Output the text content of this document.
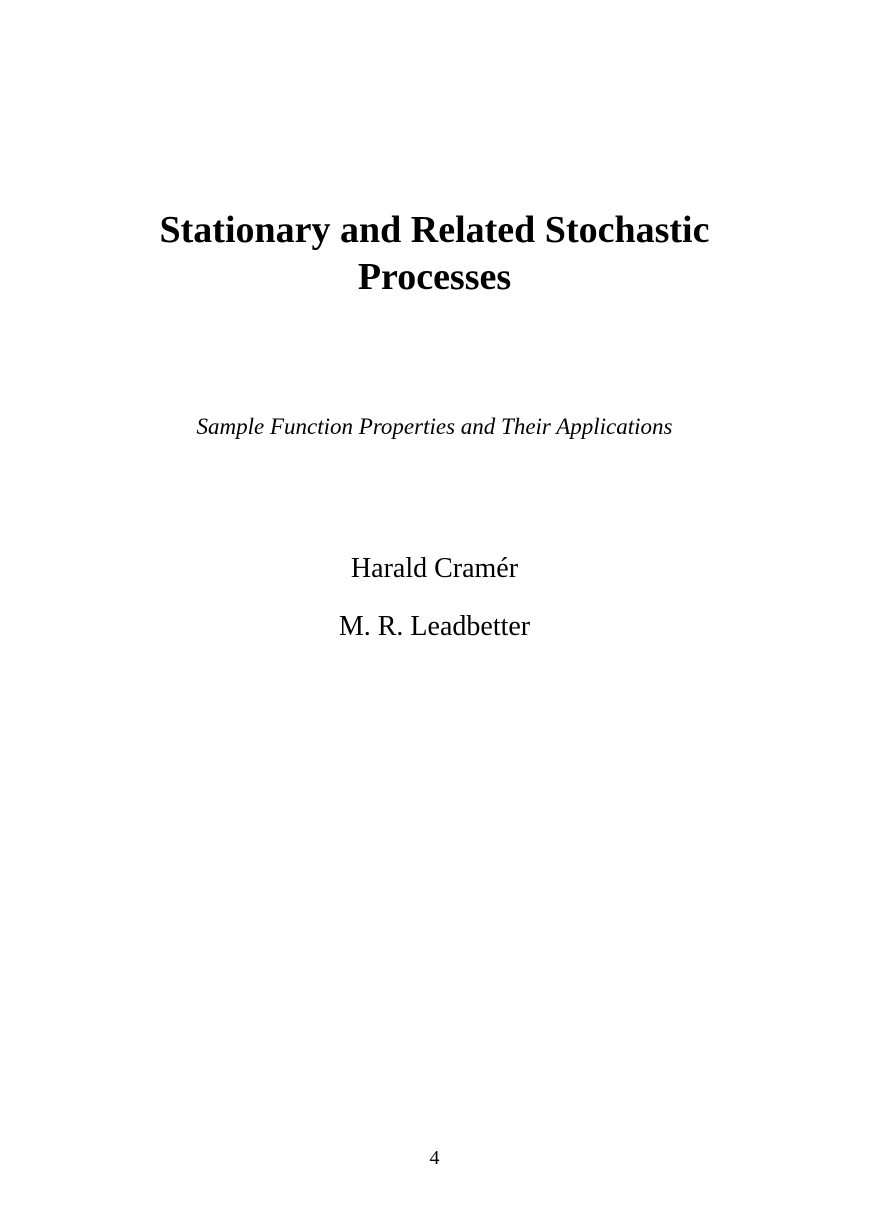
Stationary and Related Stochastic
Processes

Sample Function Properties and Their Applications

Harald Cramér

M. R. Leadbetter

4
